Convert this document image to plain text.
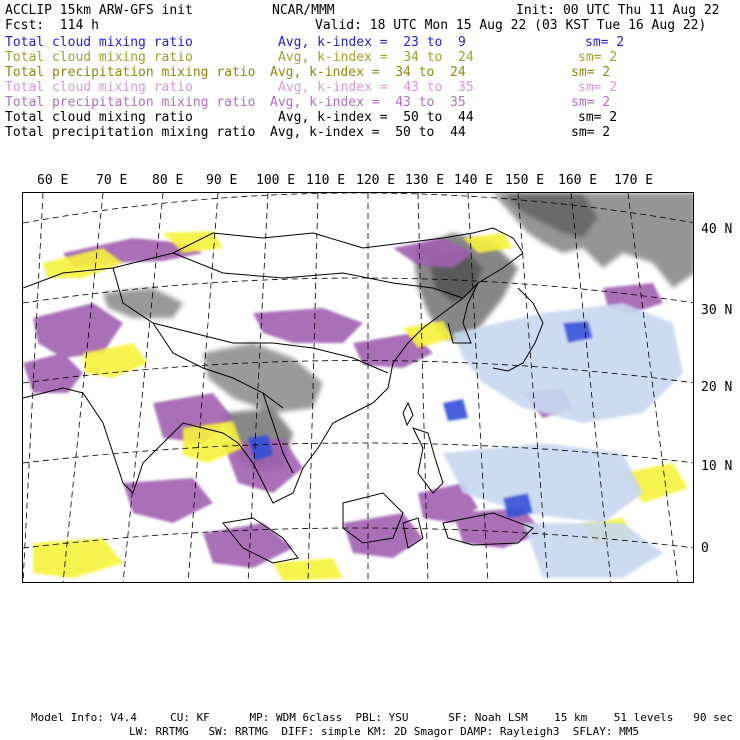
ACCLIP 15km ARW-GFS init	NCAR/MMM	Init: 00 UTC Thu 11 Aug 22
Fcst:  114 h	Valid: 18 UTC Mon 15 Aug 22 (03 KST Tue 16 Aug 22)
Total cloud mixing ratio	Avg, k-index =  23 to  9	sm= 2
Total cloud mixing ratio	Avg, k-index =  34 to  24	sm= 2
Total precipitation mixing ratio Avg, k-index =  34 to  24	sm= 2
Total cloud mixing ratio	Avg, k-index =  43 to  35	sm= 2
Total precipitation mixing ratio Avg, k-index =  43 to  35	sm= 2
Total cloud mixing ratio	Avg, k-index =  50 to  44	sm= 2
Total precipitation mixing ratio Avg, k-index =  50 to  44	sm= 2
60 E 70 E 80 E 90 E 100 E 110 E 120 E 130 E 140 E 150 E 160 E 170 E
40 N
30 N
20 N
10 N
0
Model Info: V4.4     CU: KF      MP: WDM 6class  PBL: YSU      SF: Noah LSM    15 km    51 levels   90 sec
LW: RRTMG   SW: RRTMG  DIFF: simple KM: 2D Smagor DAMP: Rayleigh3  SFLAY: MM5
